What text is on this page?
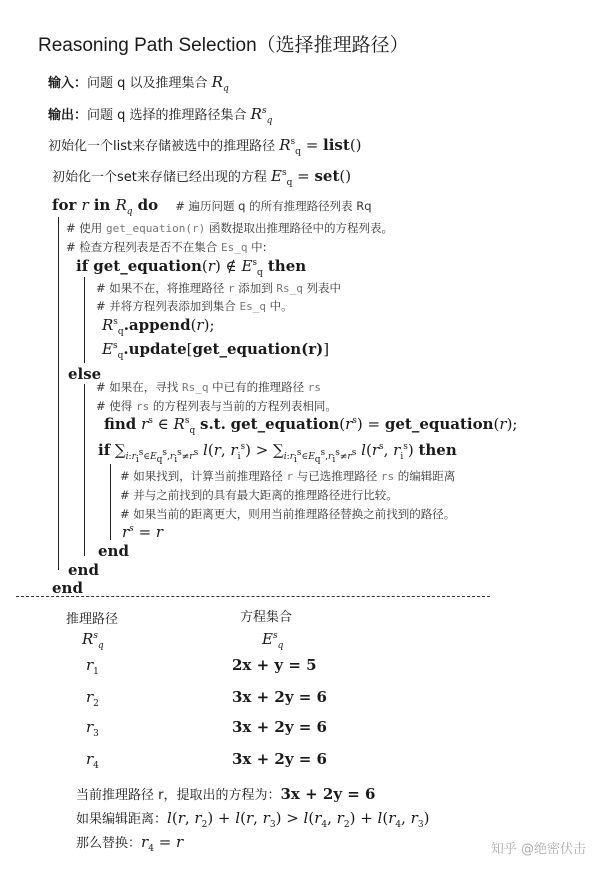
Reasoning Path Selection（选择推理路径）
输入：问题 q 以及推理集合 $R_q$
输出：问题 q 选择的推理路径集合 $R^s_q$
初始化一个list来存储被选中的推理路径 $R^s_q$ = list()
初始化一个set来存储已经出现的方程 $E^s_q = set()$
for r in $R_q$ do # 遍历问题 q 的所有推理路径列表 Rq
# 使用 get_equation(r) 函数提取出推理路径中的方程列表。
# 检查方程列表是否不在集合 Es_q 中:
if get_equation(r) ∉ $E^s_q$ then
# 如果不在，将推理路径 r 添加到 Rs_q 列表中
# 并将方程列表添加到集合 Es_q 中。
$R^s_q.append(r)$;
$E^s_q.update[get\_equation(r)]$
else
# 如果在，寻找 Rs_q 中已有的推理路径 rs
# 使得 rs 的方程列表与当前的方程列表相同。
find $r^s$ ∈ $R^s_q$ s.t. $get\_equation(r^s)$ = get_equation(r);
if $\sum_{i:r_i^s\in E_q^s,r_i^s\ne r^s}$ l(r, $r_i^s) > \sum_{i:r_i^s\in E_q^s,r_i^s\ne r^s}$ $l(r^s$, $r_i^s$) then
# 如果找到，计算当前推理路径 r 与已选推理路径 rs 的编辑距离
# 并与之前找到的具有最大距离的推理路径进行比较。
# 如果当前的距离更大，则用当前推理路径替换之前找到的路径。
$r^s = r$
end
end
end
推理路径	方程集合
$R^s_q$	$E^s_q$
$r_1$	2x + y = 5
$r_2$	3x + 2y = 6
$r_3$	3x + 2y = 6
$r_4$	3x + 2y = 6
当前推理路径 r，提取出的方程为：3x + 2y = 6
如果编辑距离：l(r, $r_2) + l(r$, $r_3) > l(r_4$, $r_2) + l(r_4$, $r_3$)
那么替换：$r_4 = r$	知乎 @绝密伏击
